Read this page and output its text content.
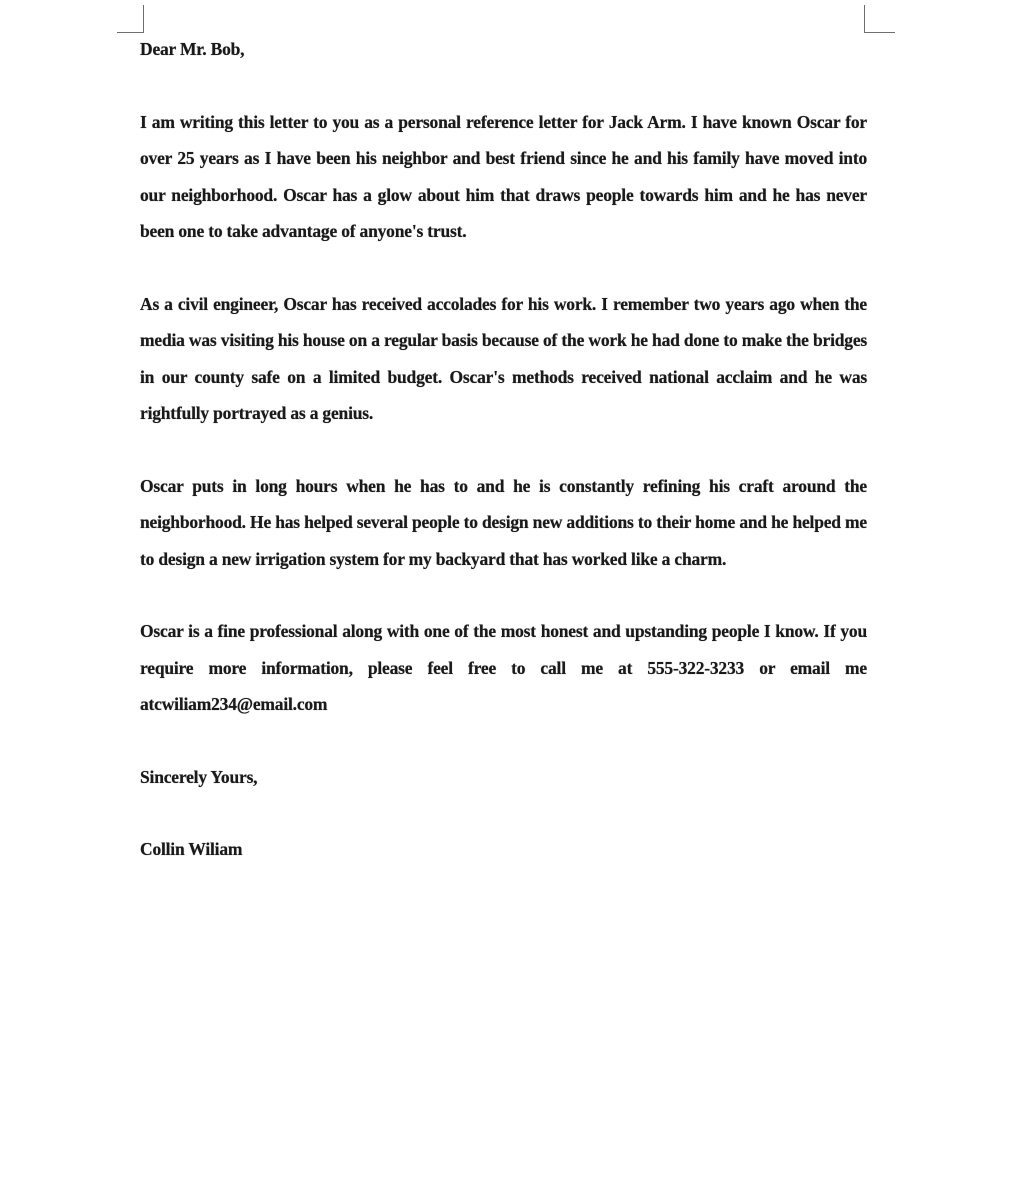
Dear Mr. Bob,

I am writing this letter to you as a personal reference letter for Jack Arm. I have known Oscar for over 25 years as I have been his neighbor and best friend since he and his family have moved into our neighborhood. Oscar has a glow about him that draws people towards him and he has never been one to take advantage of anyone's trust.

As a civil engineer, Oscar has received accolades for his work. I remember two years ago when the media was visiting his house on a regular basis because of the work he had done to make the bridges in our county safe on a limited budget. Oscar's methods received national acclaim and he was rightfully portrayed as a genius.

Oscar puts in long hours when he has to and he is constantly refining his craft around the neighborhood. He has helped several people to design new additions to their home and he helped me to design a new irrigation system for my backyard that has worked like a charm.

Oscar is a fine professional along with one of the most honest and upstanding people I know. If you require more information, please feel free to call me at 555-322-3233 or email me atcwiliam234@email.com

Sincerely Yours,

Collin Wiliam
